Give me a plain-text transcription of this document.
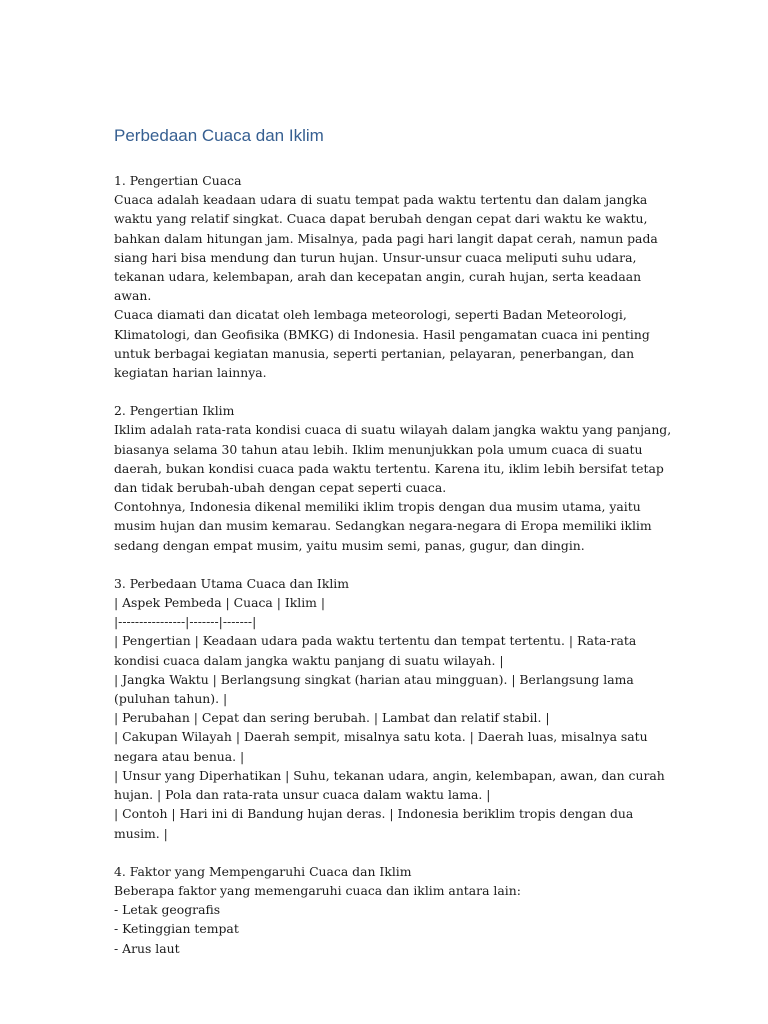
Perbedaan Cuaca dan Iklim

1. Pengertian Cuaca

Cuaca adalah keadaan udara di suatu tempat pada waktu tertentu dan dalam jangka waktu yang relatif singkat. Cuaca dapat berubah dengan cepat dari waktu ke waktu, bahkan dalam hitungan jam. Misalnya, pada pagi hari langit dapat cerah, namun pada siang hari bisa mendung dan turun hujan. Unsur-unsur cuaca meliputi suhu udara, tekanan udara, kelembapan, arah dan kecepatan angin, curah hujan, serta keadaan awan.

Cuaca diamati dan dicatat oleh lembaga meteorologi, seperti Badan Meteorologi, Klimatologi, dan Geofisika (BMKG) di Indonesia. Hasil pengamatan cuaca ini penting untuk berbagai kegiatan manusia, seperti pertanian, pelayaran, penerbangan, dan kegiatan harian lainnya.

2. Pengertian Iklim

Iklim adalah rata-rata kondisi cuaca di suatu wilayah dalam jangka waktu yang panjang, biasanya selama 30 tahun atau lebih. Iklim menunjukkan pola umum cuaca di suatu daerah, bukan kondisi cuaca pada waktu tertentu. Karena itu, iklim lebih bersifat tetap dan tidak berubah-ubah dengan cepat seperti cuaca.

Contohnya, Indonesia dikenal memiliki iklim tropis dengan dua musim utama, yaitu musim hujan dan musim kemarau. Sedangkan negara-negara di Eropa memiliki iklim sedang dengan empat musim, yaitu musim semi, panas, gugur, dan dingin.

3. Perbedaan Utama Cuaca dan Iklim

| Aspek Pembeda | Cuaca | Iklim |

|----------------|-------|-------|

| Pengertian | Keadaan udara pada waktu tertentu dan tempat tertentu. | Rata-rata kondisi cuaca dalam jangka waktu panjang di suatu wilayah. |

| Jangka Waktu | Berlangsung singkat (harian atau mingguan). | Berlangsung lama (puluhan tahun). |

| Perubahan | Cepat dan sering berubah. | Lambat dan relatif stabil. |

| Cakupan Wilayah | Daerah sempit, misalnya satu kota. | Daerah luas, misalnya satu negara atau benua. |

| Unsur yang Diperhatikan | Suhu, tekanan udara, angin, kelembapan, awan, dan curah hujan. | Pola dan rata-rata unsur cuaca dalam waktu lama. |

| Contoh | Hari ini di Bandung hujan deras. | Indonesia beriklim tropis dengan dua musim. |

4. Faktor yang Mempengaruhi Cuaca dan Iklim

Beberapa faktor yang memengaruhi cuaca dan iklim antara lain:

- Letak geografis
- Ketinggian tempat
- Arus laut
